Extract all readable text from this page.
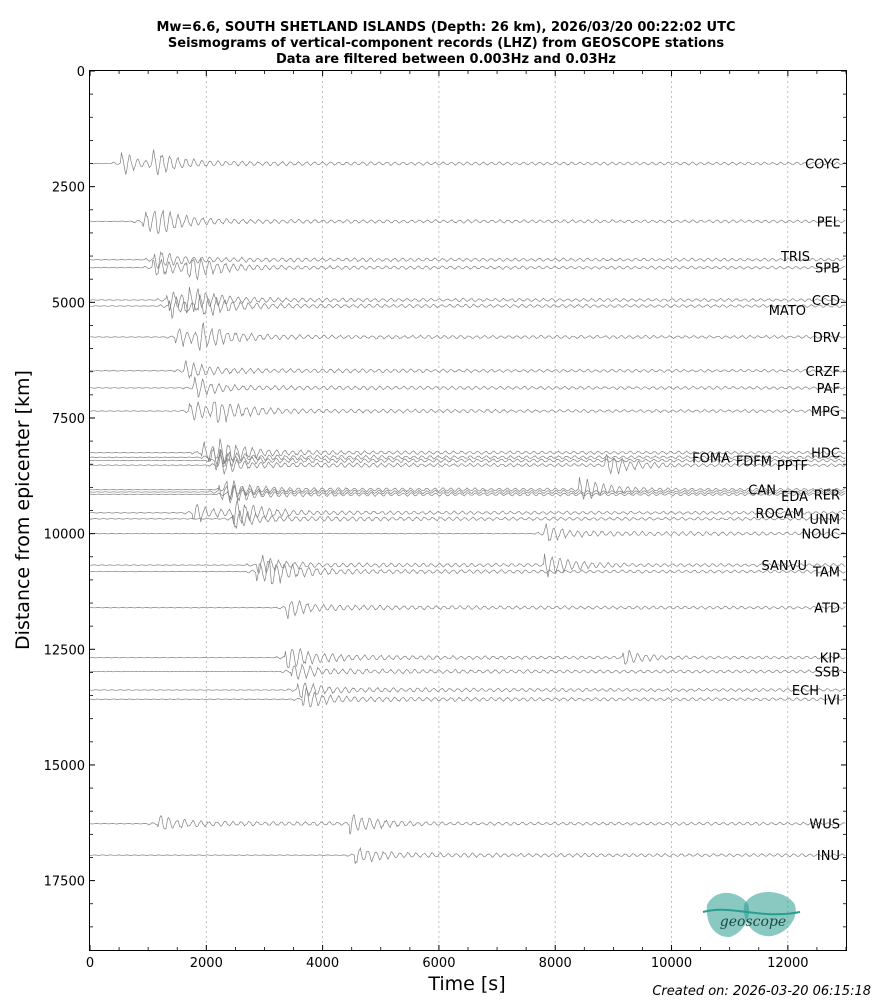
Mw=6.6, SOUTH SHETLAND ISLANDS (Depth: 26 km), 2026/03/20 00:22:02 UTC
Seismograms of vertical-component records (LHZ) from GEOSCOPE stations
Data are filtered between 0.003Hz and 0.03Hz
COYC
PEL
TRIS
SPB
CCD
MATO
DRV
CRZF
PAF
MPG
HDC
FOMA FDFM PPTF
CAN EDA RER
ROCAM UNM
NOUC
SANVU TAM
ATD
KIP
SSB
ECH
IVI
WUS
INU
0	2000	4000	6000	8000	10000	12000
0
2500
5000
7500
10000
12500
15000
17500
Time [s]
Distance from epicenter [km]
geoscope
Created on: 2026-03-20 06:15:18
